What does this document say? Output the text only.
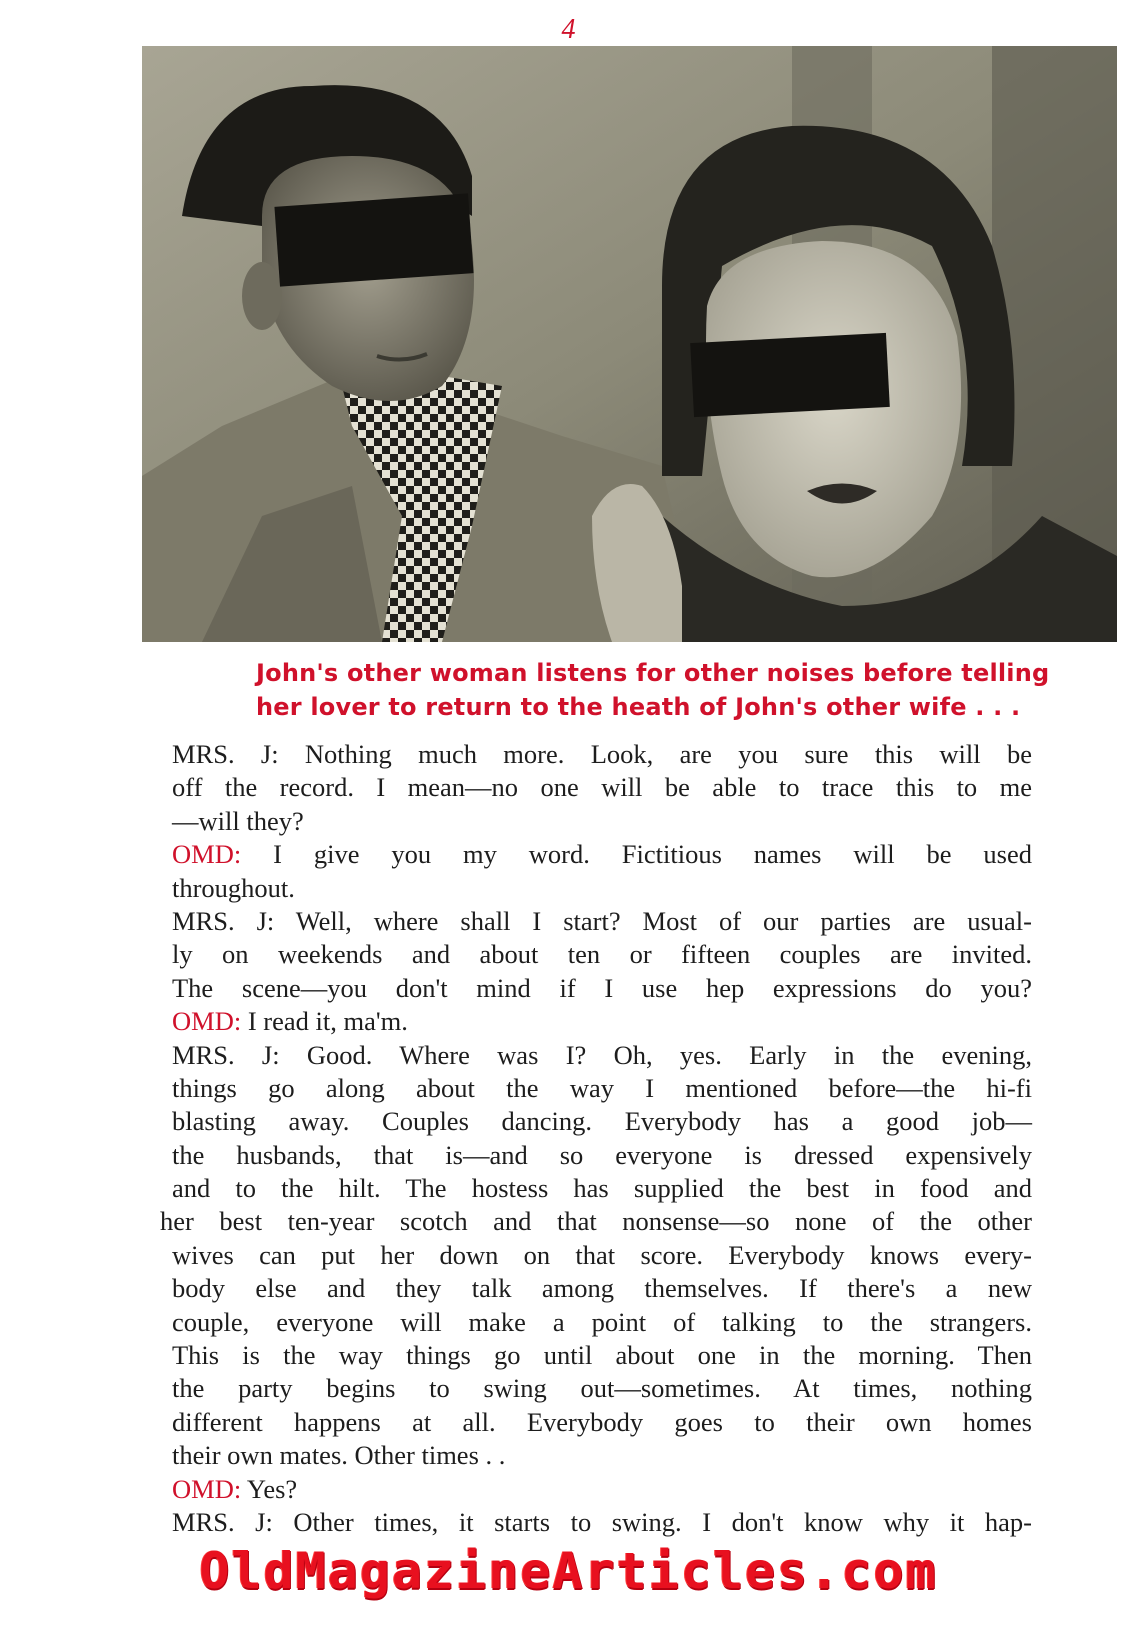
4
John's other woman listens for other noises before telling
her lover to return to the heath of John's other wife . . .
MRS. J: Nothing much more. Look, are you sure this will be
off the record. I mean—no one will be able to trace this to me
—will they?
OMD: I give you my word. Fictitious names will be used
throughout.
MRS. J: Well, where shall I start? Most of our parties are usual-
ly on weekends and about ten or fifteen couples are invited.
The scene—you don't mind if I use hep expressions do you?
OMD: I read it, ma'm.
MRS. J: Good. Where was I? Oh, yes. Early in the evening,
things go along about the way I mentioned before—the hi-fi
blasting away. Couples dancing. Everybody has a good job—
the husbands, that is—and so everyone is dressed expensively
and to the hilt. The hostess has supplied the best in food and
her best ten-year scotch and that nonsense—so none of the other
wives can put her down on that score. Everybody knows every-
body else and they talk among themselves. If there's a new
couple, everyone will make a point of talking to the strangers.
This is the way things go until about one in the morning. Then
the party begins to swing out—sometimes. At times, nothing
different happens at all. Everybody goes to their own homes
their own mates. Other times . .
OMD: Yes?
MRS. J: Other times, it starts to swing. I don't know why it hap-
OldMagazineArticles.com
